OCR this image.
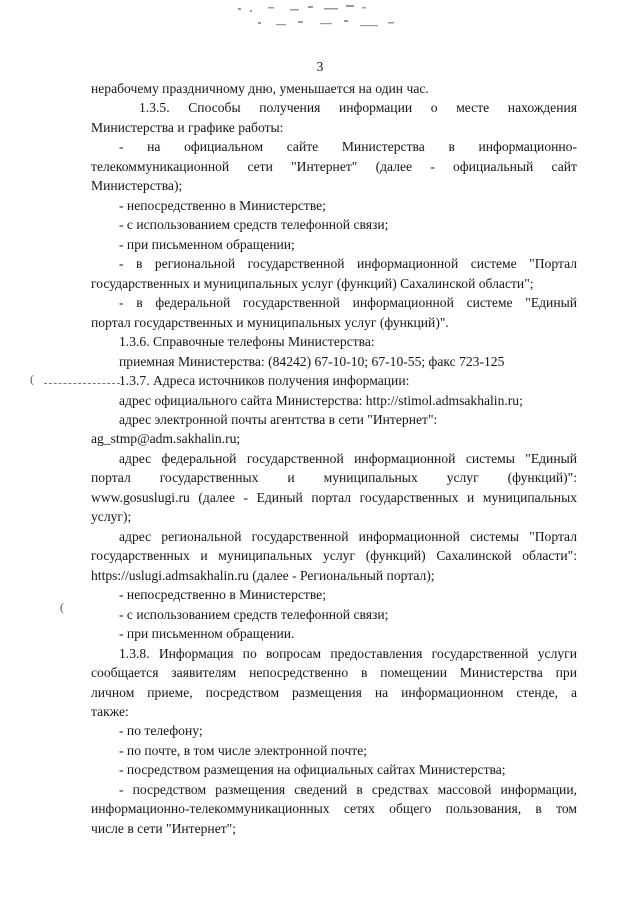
3
(
(
нерабочему праздничному дню, уменьшается на один час.
1.3.5. Способы получения информации о месте нахождения
Министерства и графике работы:
- на официальном сайте Министерства в информационно-
телекоммуникационной сети "Интернет" (далее - официальный сайт
Министерства);
- непосредственно в Министерстве;
- с использованием средств телефонной связи;
- при письменном обращении;
- в региональной государственной информационной системе "Портал
государственных и муниципальных услуг (функций) Сахалинской области";
- в федеральной государственной информационной системе "Единый
портал государственных и муниципальных услуг (функций)".
1.3.6. Справочные телефоны Министерства:
приемная Министерства: (84242) 67-10-10; 67-10-55; факс 723-125
1.3.7. Адреса источников получения информации:
адрес официального сайта Министерства: http://stimol.admsakhalin.ru;
адрес электронной почты агентства в сети "Интернет":
ag_stmp@adm.sakhalin.ru;
адрес федеральной государственной информационной системы "Единый
портал государственных и муниципальных услуг (функций)":
www.gosuslugi.ru (далее - Единый портал государственных и муниципальных
услуг);
адрес региональной государственной информационной системы "Портал
государственных и муниципальных услуг (функций) Сахалинской области":
https://uslugi.admsakhalin.ru (далее - Региональный портал);
- непосредственно в Министерстве;
- с использованием средств телефонной связи;
- при письменном обращении.
1.3.8. Информация по вопросам предоставления государственной услуги
сообщается заявителям непосредственно в помещении Министерства при
личном приеме, посредством размещения на информационном стенде, а
также:
- по телефону;
- по почте, в том числе электронной почте;
- посредством размещения на официальных сайтах Министерства;
- посредством размещения сведений в средствах массовой информации,
информационно-телекоммуникационных сетях общего пользования, в том
числе в сети "Интернет";
